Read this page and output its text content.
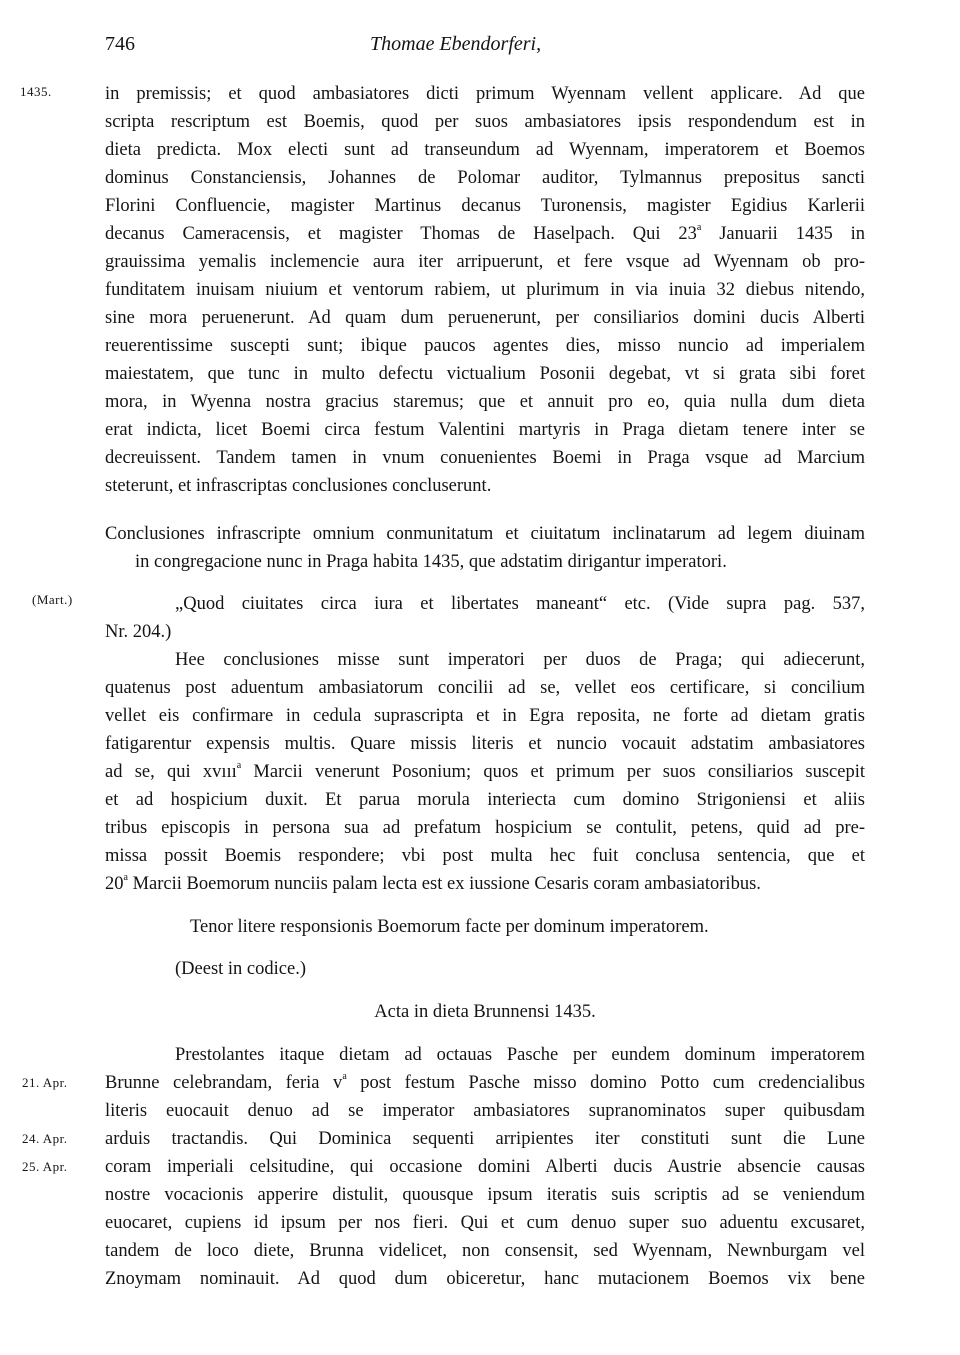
746	Thomae Ebendorferi,
1435.
(Mart.)
21. Apr.
24. Apr.
25. Apr.
in premissis; et quod ambasiatores dicti primum Wyennam vellent applicare. Ad que
scripta rescriptum est Boemis, quod per suos ambasiatores ipsis respondendum est in
dieta predicta. Mox electi sunt ad transeundum ad Wyennam, imperatorem et Boemos
dominus Constanciensis, Johannes de Polomar auditor, Tylmannus prepositus sancti
Florini Confluencie, magister Martinus decanus Turonensis, magister Egidius Karlerii
decanus Cameracensis, et magister Thomas de Haselpach. Qui 23$^a$ Januarii 1435 in
grauissima yemalis inclemencie aura iter arripuerunt, et fere vsque ad Wyennam ob pro-
funditatem inuisam niuium et ventorum rabiem, ut plurimum in via inuia 32 diebus nitendo,
sine mora peruenerunt. Ad quam dum peruenerunt, per consiliarios domini ducis Alberti
reuerentissime suscepti sunt; ibique paucos agentes dies, misso nuncio ad imperialem
maiestatem, que tunc in multo defectu victualium Posonii degebat, vt si grata sibi foret
mora, in Wyenna nostra gracius staremus; que et annuit pro eo, quia nulla dum dieta
erat indicta, licet Boemi circa festum Valentini martyris in Praga dietam tenere inter se
decreuissent. Tandem tamen in vnum conuenientes Boemi in Praga vsque ad Marcium
steterunt, et infrascriptas conclusiones concluserunt.
Conclusiones infrascripte omnium conmunitatum et ciuitatum inclinatarum ad legem diuinam
in congregacione nunc in Praga habita 1435, que adstatim dirigantur imperatori.
„Quod ciuitates circa iura et libertates maneant“ etc. (Vide supra pag. 537,
Nr. 204.)
Hee conclusiones misse sunt imperatori per duos de Praga; qui adiecerunt,
quatenus post aduentum ambasiatorum concilii ad se, vellet eos certificare, si concilium
vellet eis confirmare in cedula suprascripta et in Egra reposita, ne forte ad dietam gratis
fatigarentur expensis multis. Quare missis literis et nuncio vocauit adstatim ambasiatores
ad se, qui xvııı$^a$ Marcii venerunt Posonium; quos et primum per suos consiliarios suscepit
et ad hospicium duxit. Et parua morula interiecta cum domino Strigoniensi et aliis
tribus episcopis in persona sua ad prefatum hospicium se contulit, petens, quid ad pre-
missa possit Boemis respondere; vbi post multa hec fuit conclusa sentencia, que et
20$^a$ Marcii Boemorum nunciis palam lecta est ex iussione Cesaris coram ambasiatoribus.
Tenor litere responsionis Boemorum facte per dominum imperatorem.
(Deest in codice.)
Acta in dieta Brunnensi 1435.
Prestolantes itaque dietam ad octauas Pasche per eundem dominum imperatorem
Brunne celebrandam, feria $v^a$ post festum Pasche misso domino Potto cum credencialibus
literis euocauit denuo ad se imperator ambasiatores supranominatos super quibusdam
arduis tractandis. Qui Dominica sequenti arripientes iter constituti sunt die Lune
coram imperiali celsitudine, qui occasione domini Alberti ducis Austrie absencie causas
nostre vocacionis apperire distulit, quousque ipsum iteratis suis scriptis ad se veniendum
euocaret, cupiens id ipsum per nos fieri. Qui et cum denuo super suo aduentu excusaret,
tandem de loco diete, Brunna videlicet, non consensit, sed Wyennam, Newnburgam vel
Znoymam nominauit. Ad quod dum obiceretur, hanc mutacionem Boemos vix bene
